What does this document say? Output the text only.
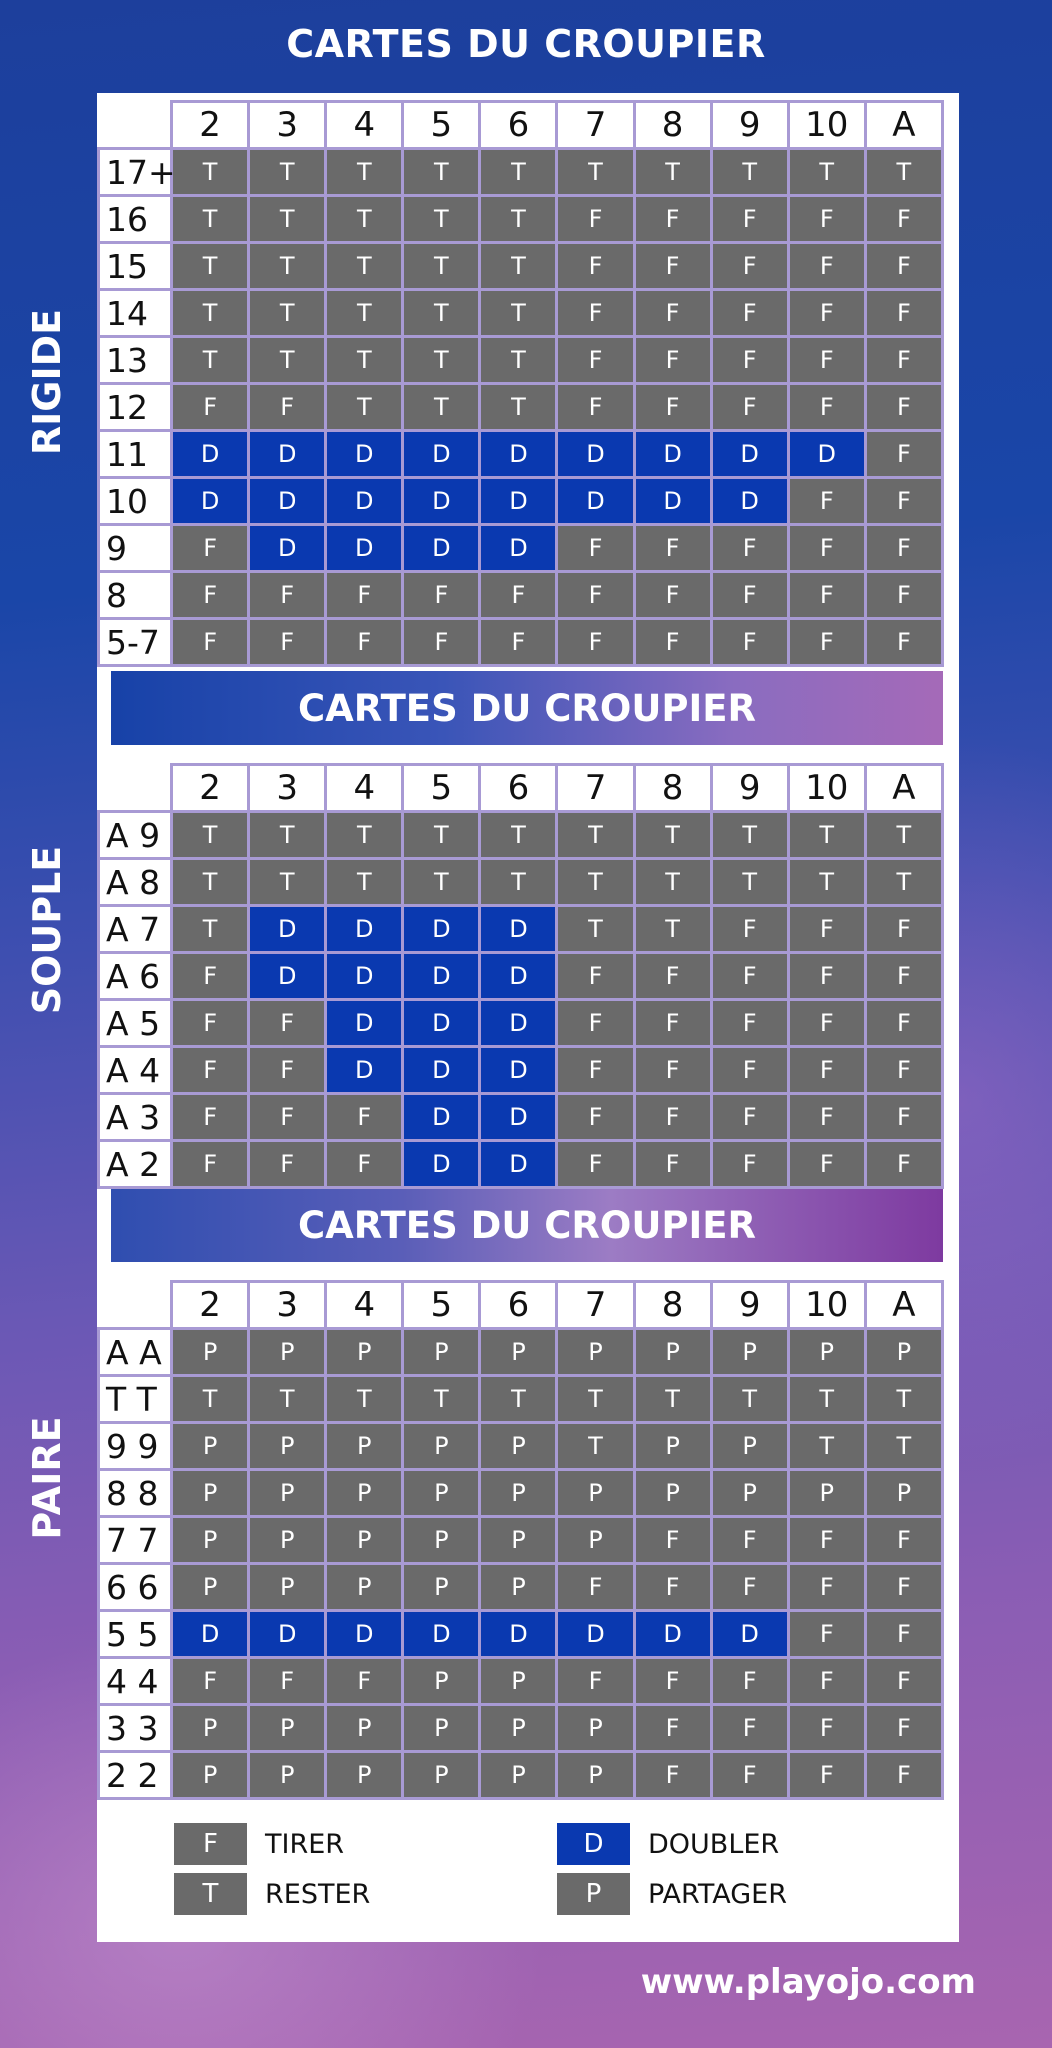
CARTES DU CROUPIER
RIGIDE
SOUPLE
PAIRE
CARTES DU CROUPIER
CARTES DU CROUPIER
	2	3	4	5	6	7	8	9	10	A
17+	T	T	T	T	T	T	T	T	T	T
16	T	T	T	T	T	F	F	F	F	F
15	T	T	T	T	T	F	F	F	F	F
14	T	T	T	T	T	F	F	F	F	F
13	T	T	T	T	T	F	F	F	F	F
12	F	F	T	T	T	F	F	F	F	F
11	D	D	D	D	D	D	D	D	D	F
10	D	D	D	D	D	D	D	D	F	F
9	F	D	D	D	D	F	F	F	F	F
8	F	F	F	F	F	F	F	F	F	F
5-7	F	F	F	F	F	F	F	F	F	F
	2	3	4	5	6	7	8	9	10	A
A 9	T	T	T	T	T	T	T	T	T	T
A 8	T	T	T	T	T	T	T	T	T	T
A 7	T	D	D	D	D	T	T	F	F	F
A 6	F	D	D	D	D	F	F	F	F	F
A 5	F	F	D	D	D	F	F	F	F	F
A 4	F	F	D	D	D	F	F	F	F	F
A 3	F	F	F	D	D	F	F	F	F	F
A 2	F	F	F	D	D	F	F	F	F	F
	2	3	4	5	6	7	8	9	10	A
A A	P	P	P	P	P	P	P	P	P	P
T T	T	T	T	T	T	T	T	T	T	T
9 9	P	P	P	P	P	T	P	P	T	T
8 8	P	P	P	P	P	P	P	P	P	P
7 7	P	P	P	P	P	P	F	F	F	F
6 6	P	P	P	P	P	F	F	F	F	F
5 5	D	D	D	D	D	D	D	D	F	F
4 4	F	F	F	P	P	F	F	F	F	F
3 3	P	P	P	P	P	P	F	F	F	F
2 2	P	P	P	P	P	P	F	F	F	F
F	TIRER
T	RESTER
D	DOUBLER
P	PARTAGER
www.playojo.com
